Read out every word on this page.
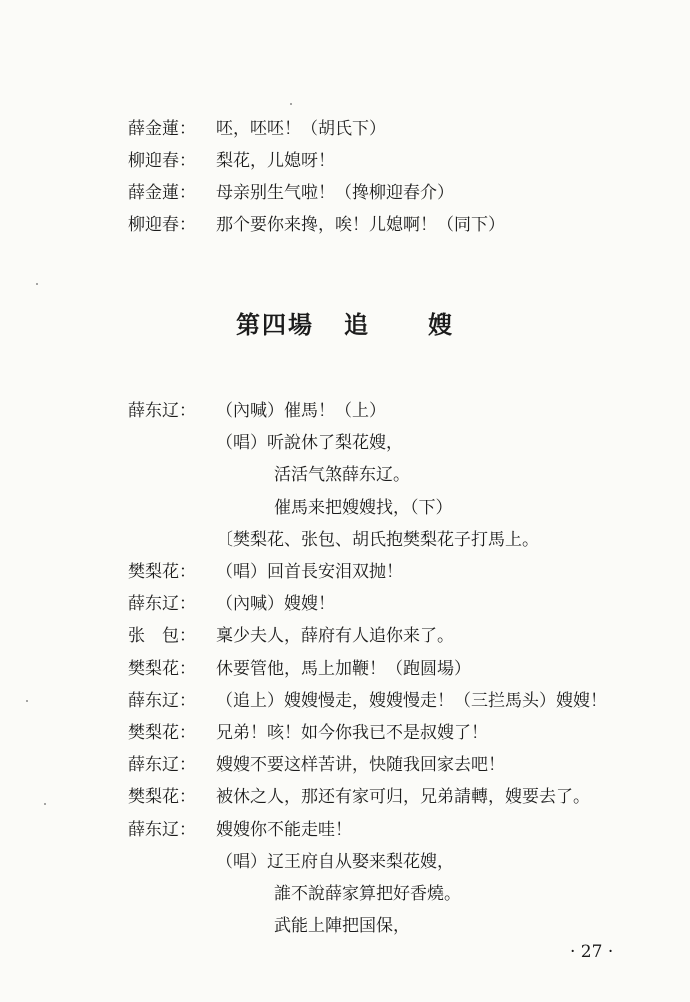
薛金蓮：	呸，呸呸！（胡氏下）
柳迎春：	梨花，儿媳呀！
薛金蓮：	母亲别生气啦！（搀柳迎春介）
柳迎春：	那个要你来搀，唉！儿媳啊！（同下）
第四場 追 嫂
薛东辽：	（內喊）催馬！（上）
（唱）听說休了梨花嫂，
活活气煞薛东辽。
催馬来把嫂嫂找，（下）
〔樊梨花、张包、胡氏抱樊梨花子打馬上。
樊梨花：	（唱）回首長安泪双抛！
薛东辽：	（內喊）嫂嫂！
张　包：	稟少夫人，薛府有人追你来了。
樊梨花：	休要管他，馬上加鞭！（跑圆場）
薛东辽：	（追上）嫂嫂慢走，嫂嫂慢走！（三拦馬头）嫂嫂！
樊梨花：	兄弟！咳！如今你我已不是叔嫂了！
薛东辽：	嫂嫂不要这样苦讲，快随我回家去吧！
樊梨花：	被休之人，那还有家可归，兄弟請轉，嫂要去了。
薛东辽：	嫂嫂你不能走哇！
（唱）辽王府自从娶来梨花嫂，
誰不說薛家算把好香燒。
武能上陣把国保，
· 27 ·
